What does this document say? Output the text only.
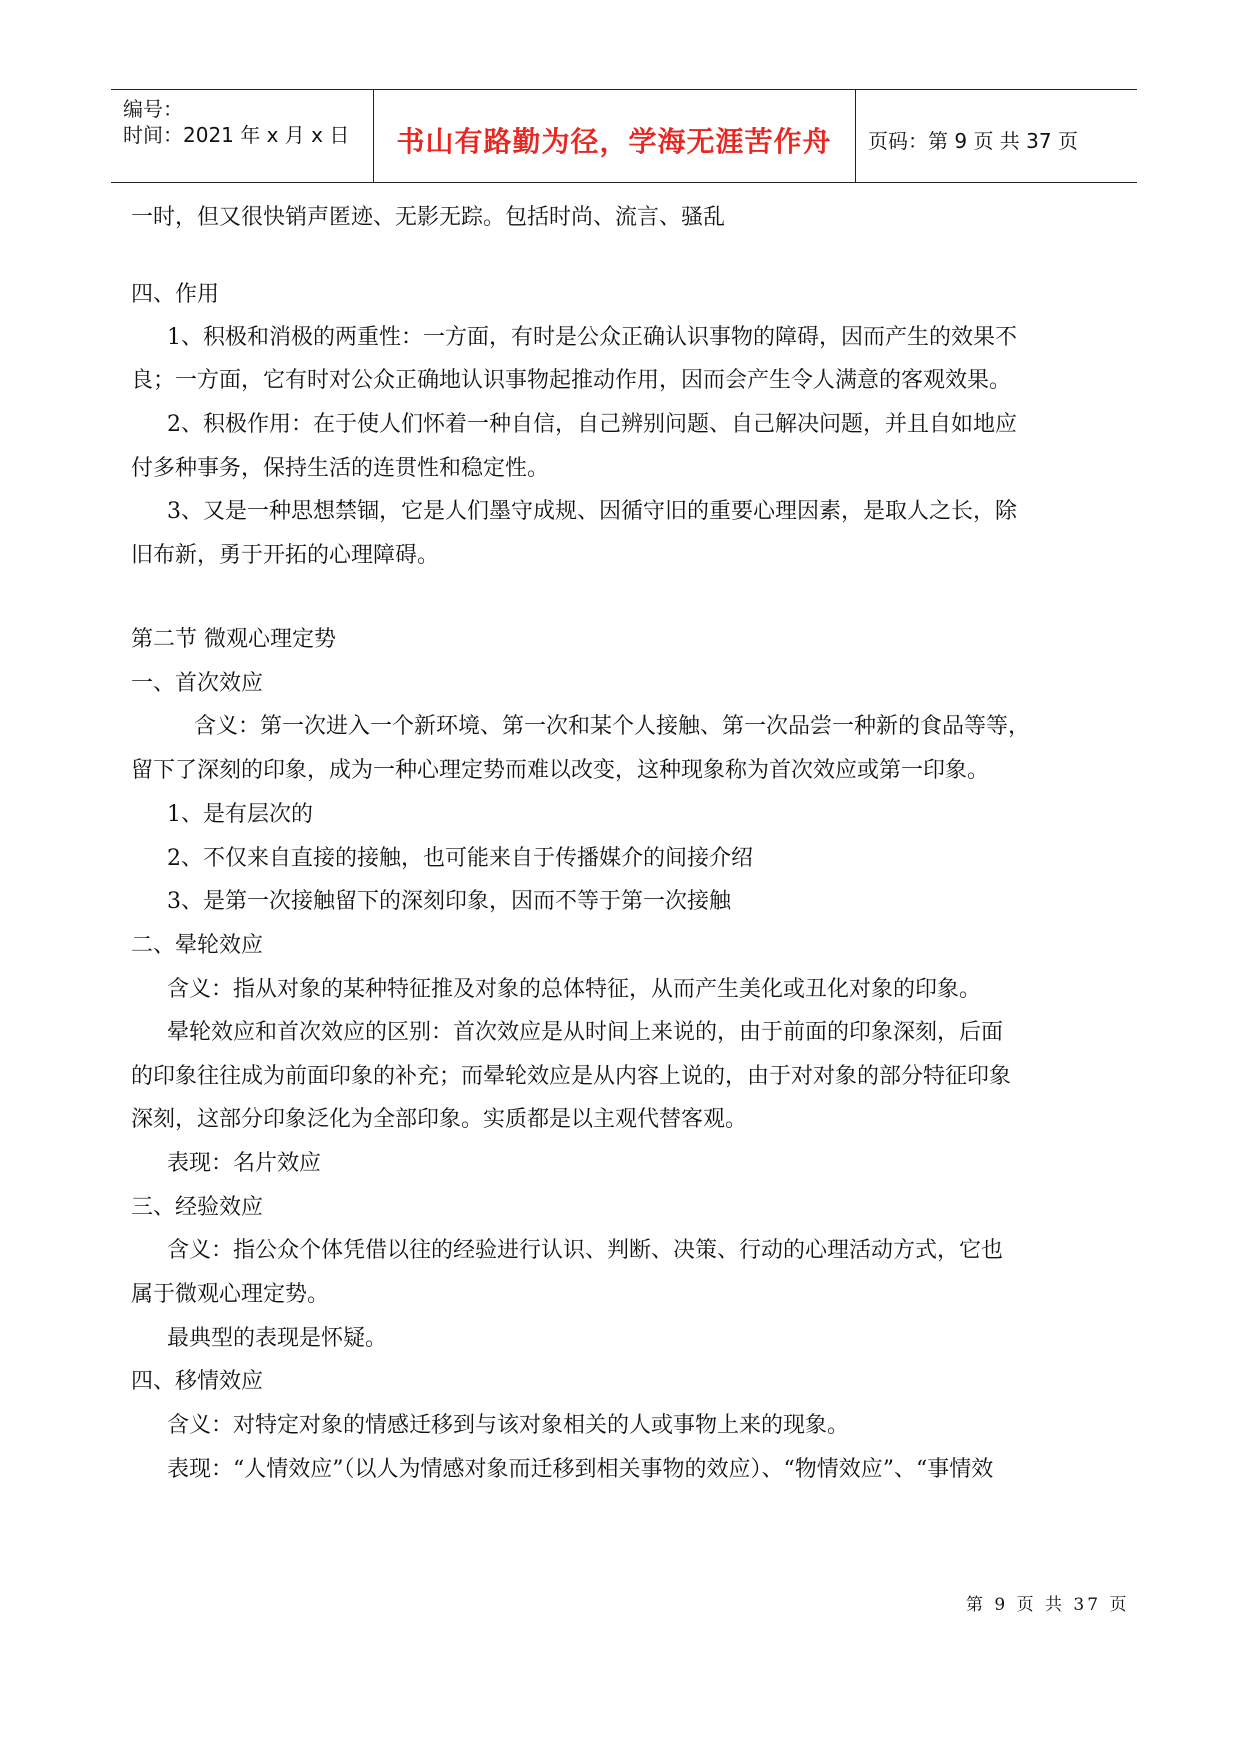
编号：
时间：2021 年 x 月 x 日	书山有路勤为径，学海无涯苦作舟	页码：第 9 页 共 37 页
一时，但又很快销声匿迹、无影无踪。包括时尚、流言、骚乱
四、作用
1、积极和消极的两重性：一方面，有时是公众正确认识事物的障碍，因而产生的效果不
良；一方面，它有时对公众正确地认识事物起推动作用，因而会产生令人满意的客观效果。
2、积极作用：在于使人们怀着一种自信，自己辨别问题、自己解决问题，并且自如地应
付多种事务，保持生活的连贯性和稳定性。
3、又是一种思想禁锢，它是人们墨守成规、因循守旧的重要心理因素，是取人之长，除
旧布新，勇于开拓的心理障碍。
第二节 微观心理定势
一、首次效应
含义：第一次进入一个新环境、第一次和某个人接触、第一次品尝一种新的食品等等，
留下了深刻的印象，成为一种心理定势而难以改变，这种现象称为首次效应或第一印象。
1、是有层次的
2、不仅来自直接的接触，也可能来自于传播媒介的间接介绍
3、是第一次接触留下的深刻印象，因而不等于第一次接触
二、晕轮效应
含义：指从对象的某种特征推及对象的总体特征，从而产生美化或丑化对象的印象。
晕轮效应和首次效应的区别：首次效应是从时间上来说的，由于前面的印象深刻，后面
的印象往往成为前面印象的补充；而晕轮效应是从内容上说的，由于对对象的部分特征印象
深刻，这部分印象泛化为全部印象。实质都是以主观代替客观。
表现：名片效应
三、经验效应
含义：指公众个体凭借以往的经验进行认识、判断、决策、行动的心理活动方式，它也
属于微观心理定势。
最典型的表现是怀疑。
四、移情效应
含义：对特定对象的情感迁移到与该对象相关的人或事物上来的现象。
表现：“人情效应”（以人为情感对象而迁移到相关事物的效应）、“物情效应”、“事情效
第 9 页 共 37 页
